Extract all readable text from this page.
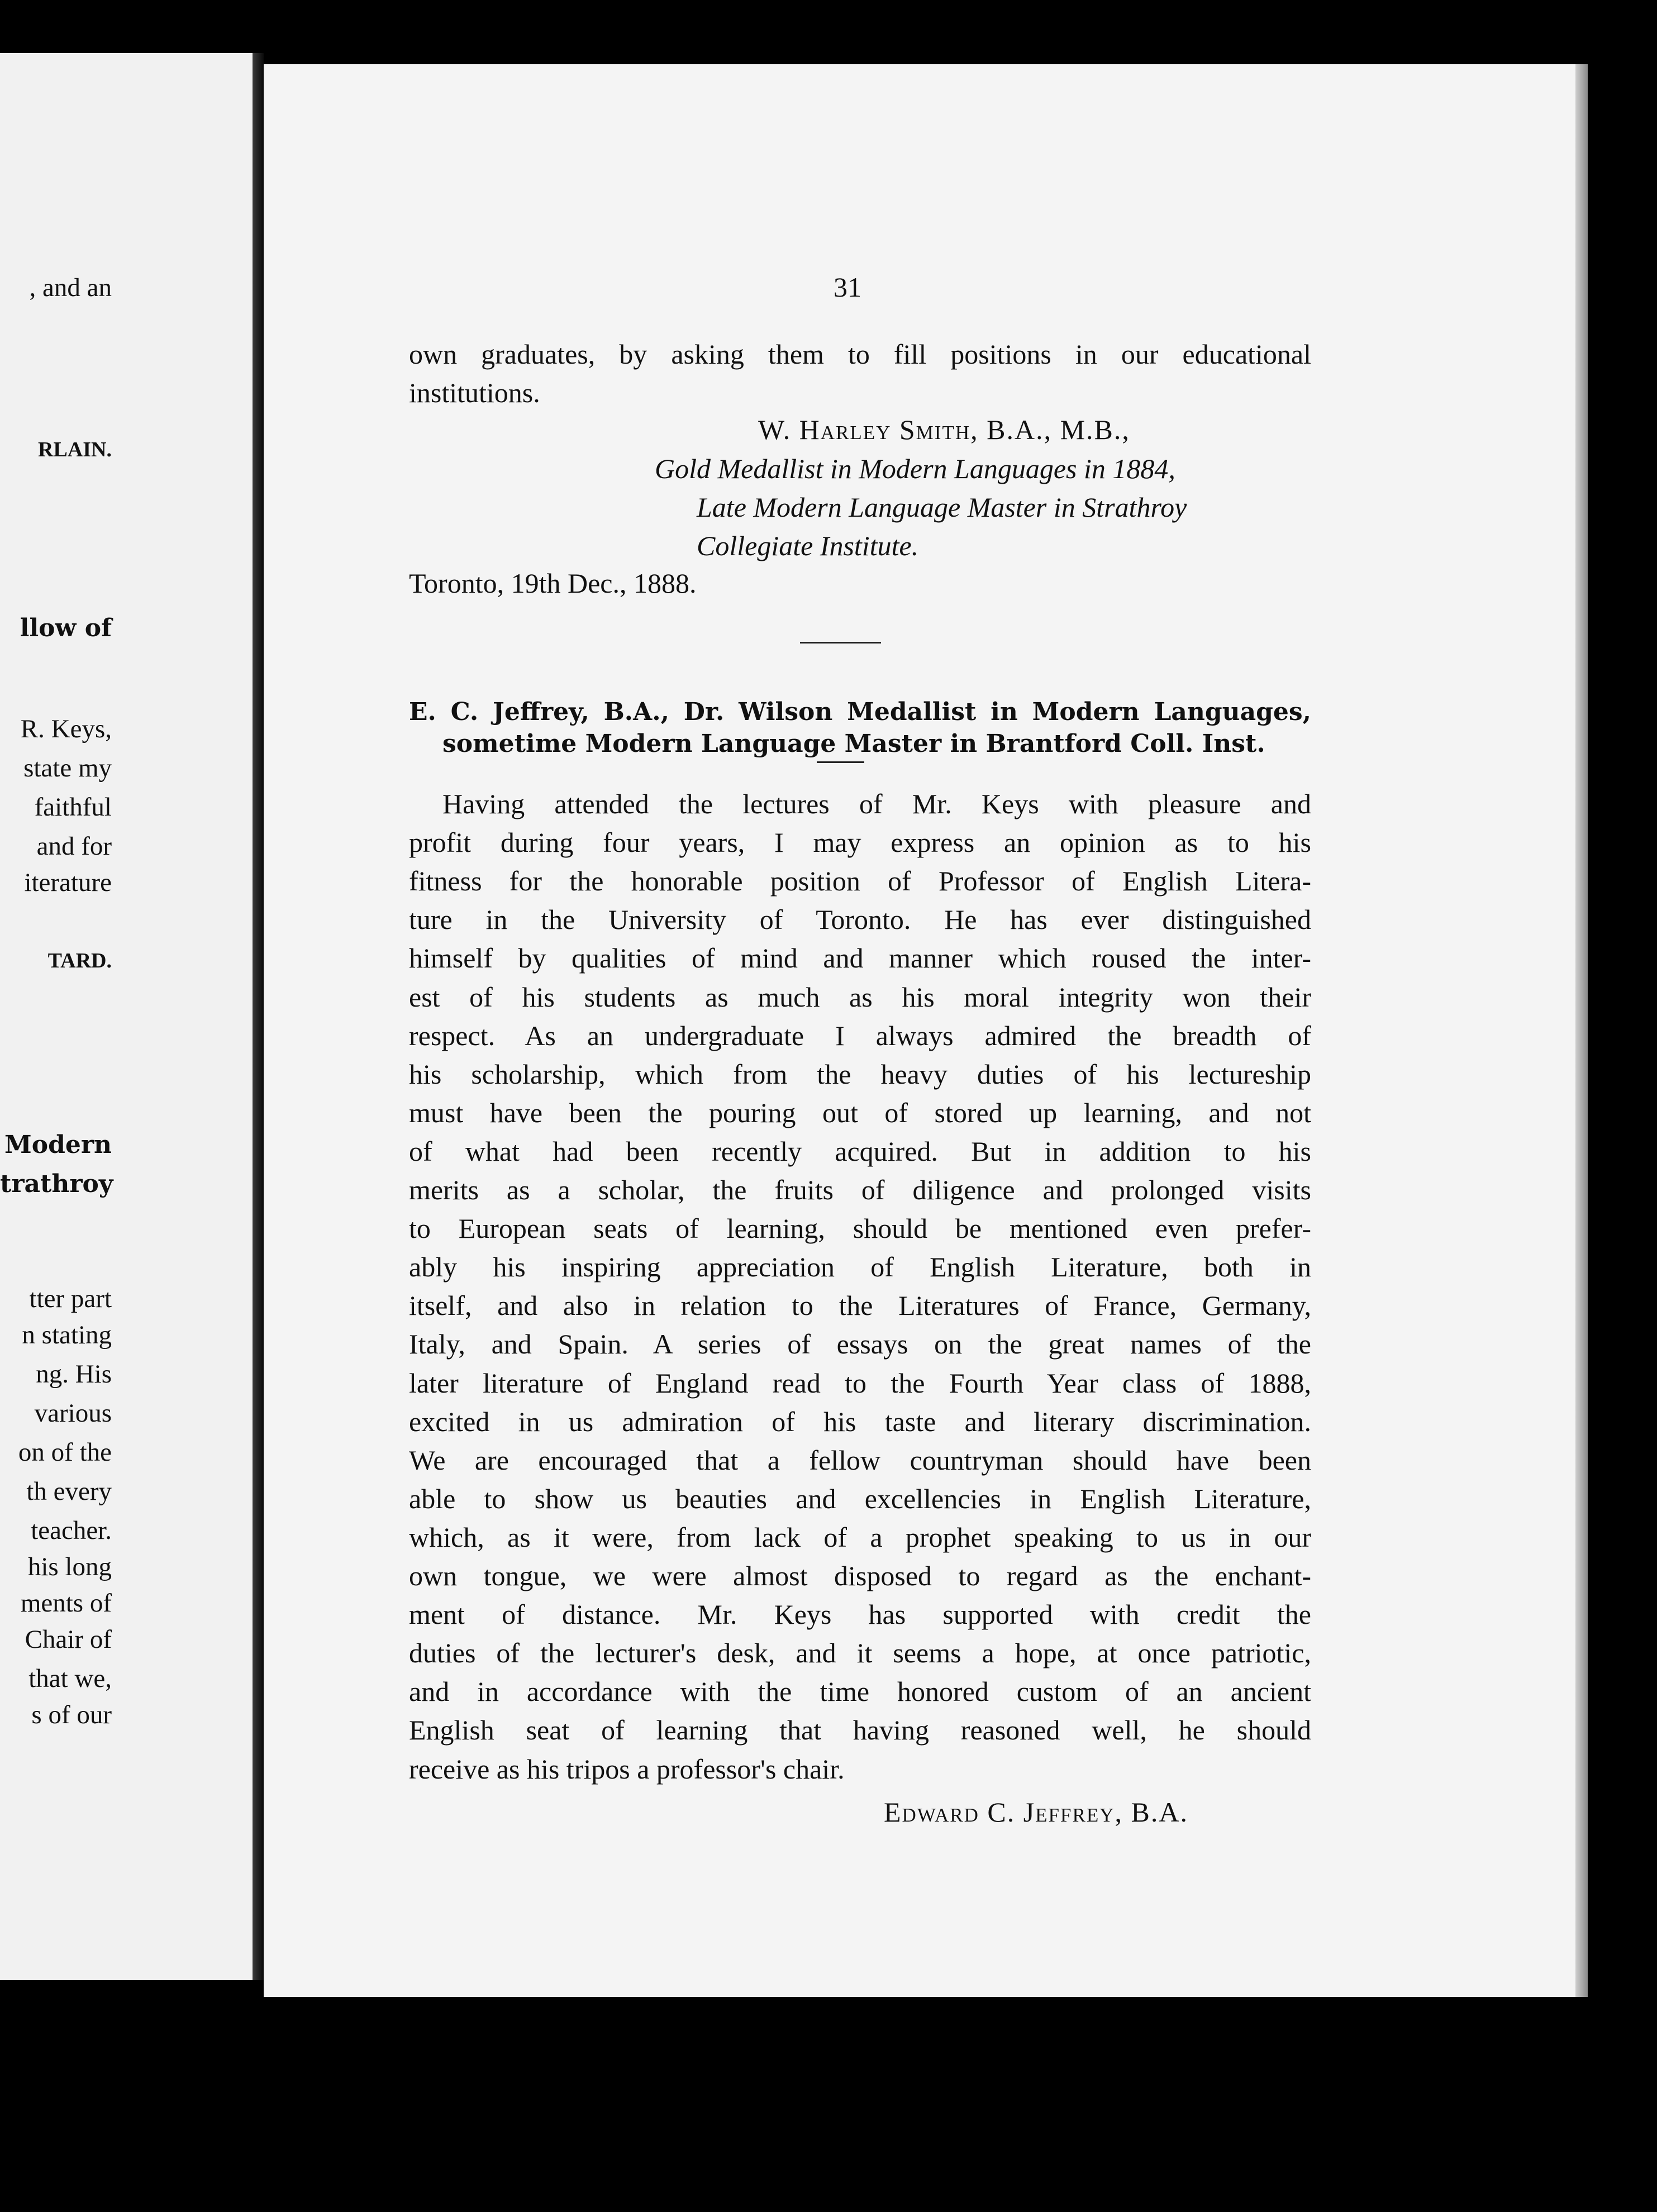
, and an
RLAIN.
llow of
R. Keys,
state my
faithful
and for
iterature
TARD.
Modern
trathroy
tter part
n stating
ng. His
various
on of the
th every
teacher.
his long
ments of
Chair of
that we,
s of our
31
own graduates, by asking them to fill positions in our educational
institutions.
W. Harley Smith, B.A., M.B.,
Gold Medallist in Modern Languages in 1884,
Late Modern Language Master in Strathroy
Collegiate Institute.
Toronto, 19th Dec., 1888.
E. C. Jeffrey, B.A., Dr. Wilson Medallist in Modern Languages,
sometime Modern Language Master in Brantford Coll. Inst.
Edward C. Jeffrey, B.A.
Having attended the lectures of Mr. Keys with pleasure and
profit during four years, I may express an opinion as to his
fitness for the honorable position of Professor of English Litera-
ture in the University of Toronto. He has ever distinguished
himself by qualities of mind and manner which roused the inter-
est of his students as much as his moral integrity won their
respect. As an undergraduate I always admired the breadth of
his scholarship, which from the heavy duties of his lectureship
must have been the pouring out of stored up learning, and not
of what had been recently acquired. But in addition to his
merits as a scholar, the fruits of diligence and prolonged visits
to European seats of learning, should be mentioned even prefer-
ably his inspiring appreciation of English Literature, both in
itself, and also in relation to the Literatures of France, Germany,
Italy, and Spain. A series of essays on the great names of the
later literature of England read to the Fourth Year class of 1888,
excited in us admiration of his taste and literary discrimination.
We are encouraged that a fellow countryman should have been
able to show us beauties and excellencies in English Literature,
which, as it were, from lack of a prophet speaking to us in our
own tongue, we were almost disposed to regard as the enchant-
ment of distance. Mr. Keys has supported with credit the
duties of the lecturer's desk, and it seems a hope, at once patriotic,
and in accordance with the time honored custom of an ancient
English seat of learning that having reasoned well, he should
receive as his tripos a professor's chair.
